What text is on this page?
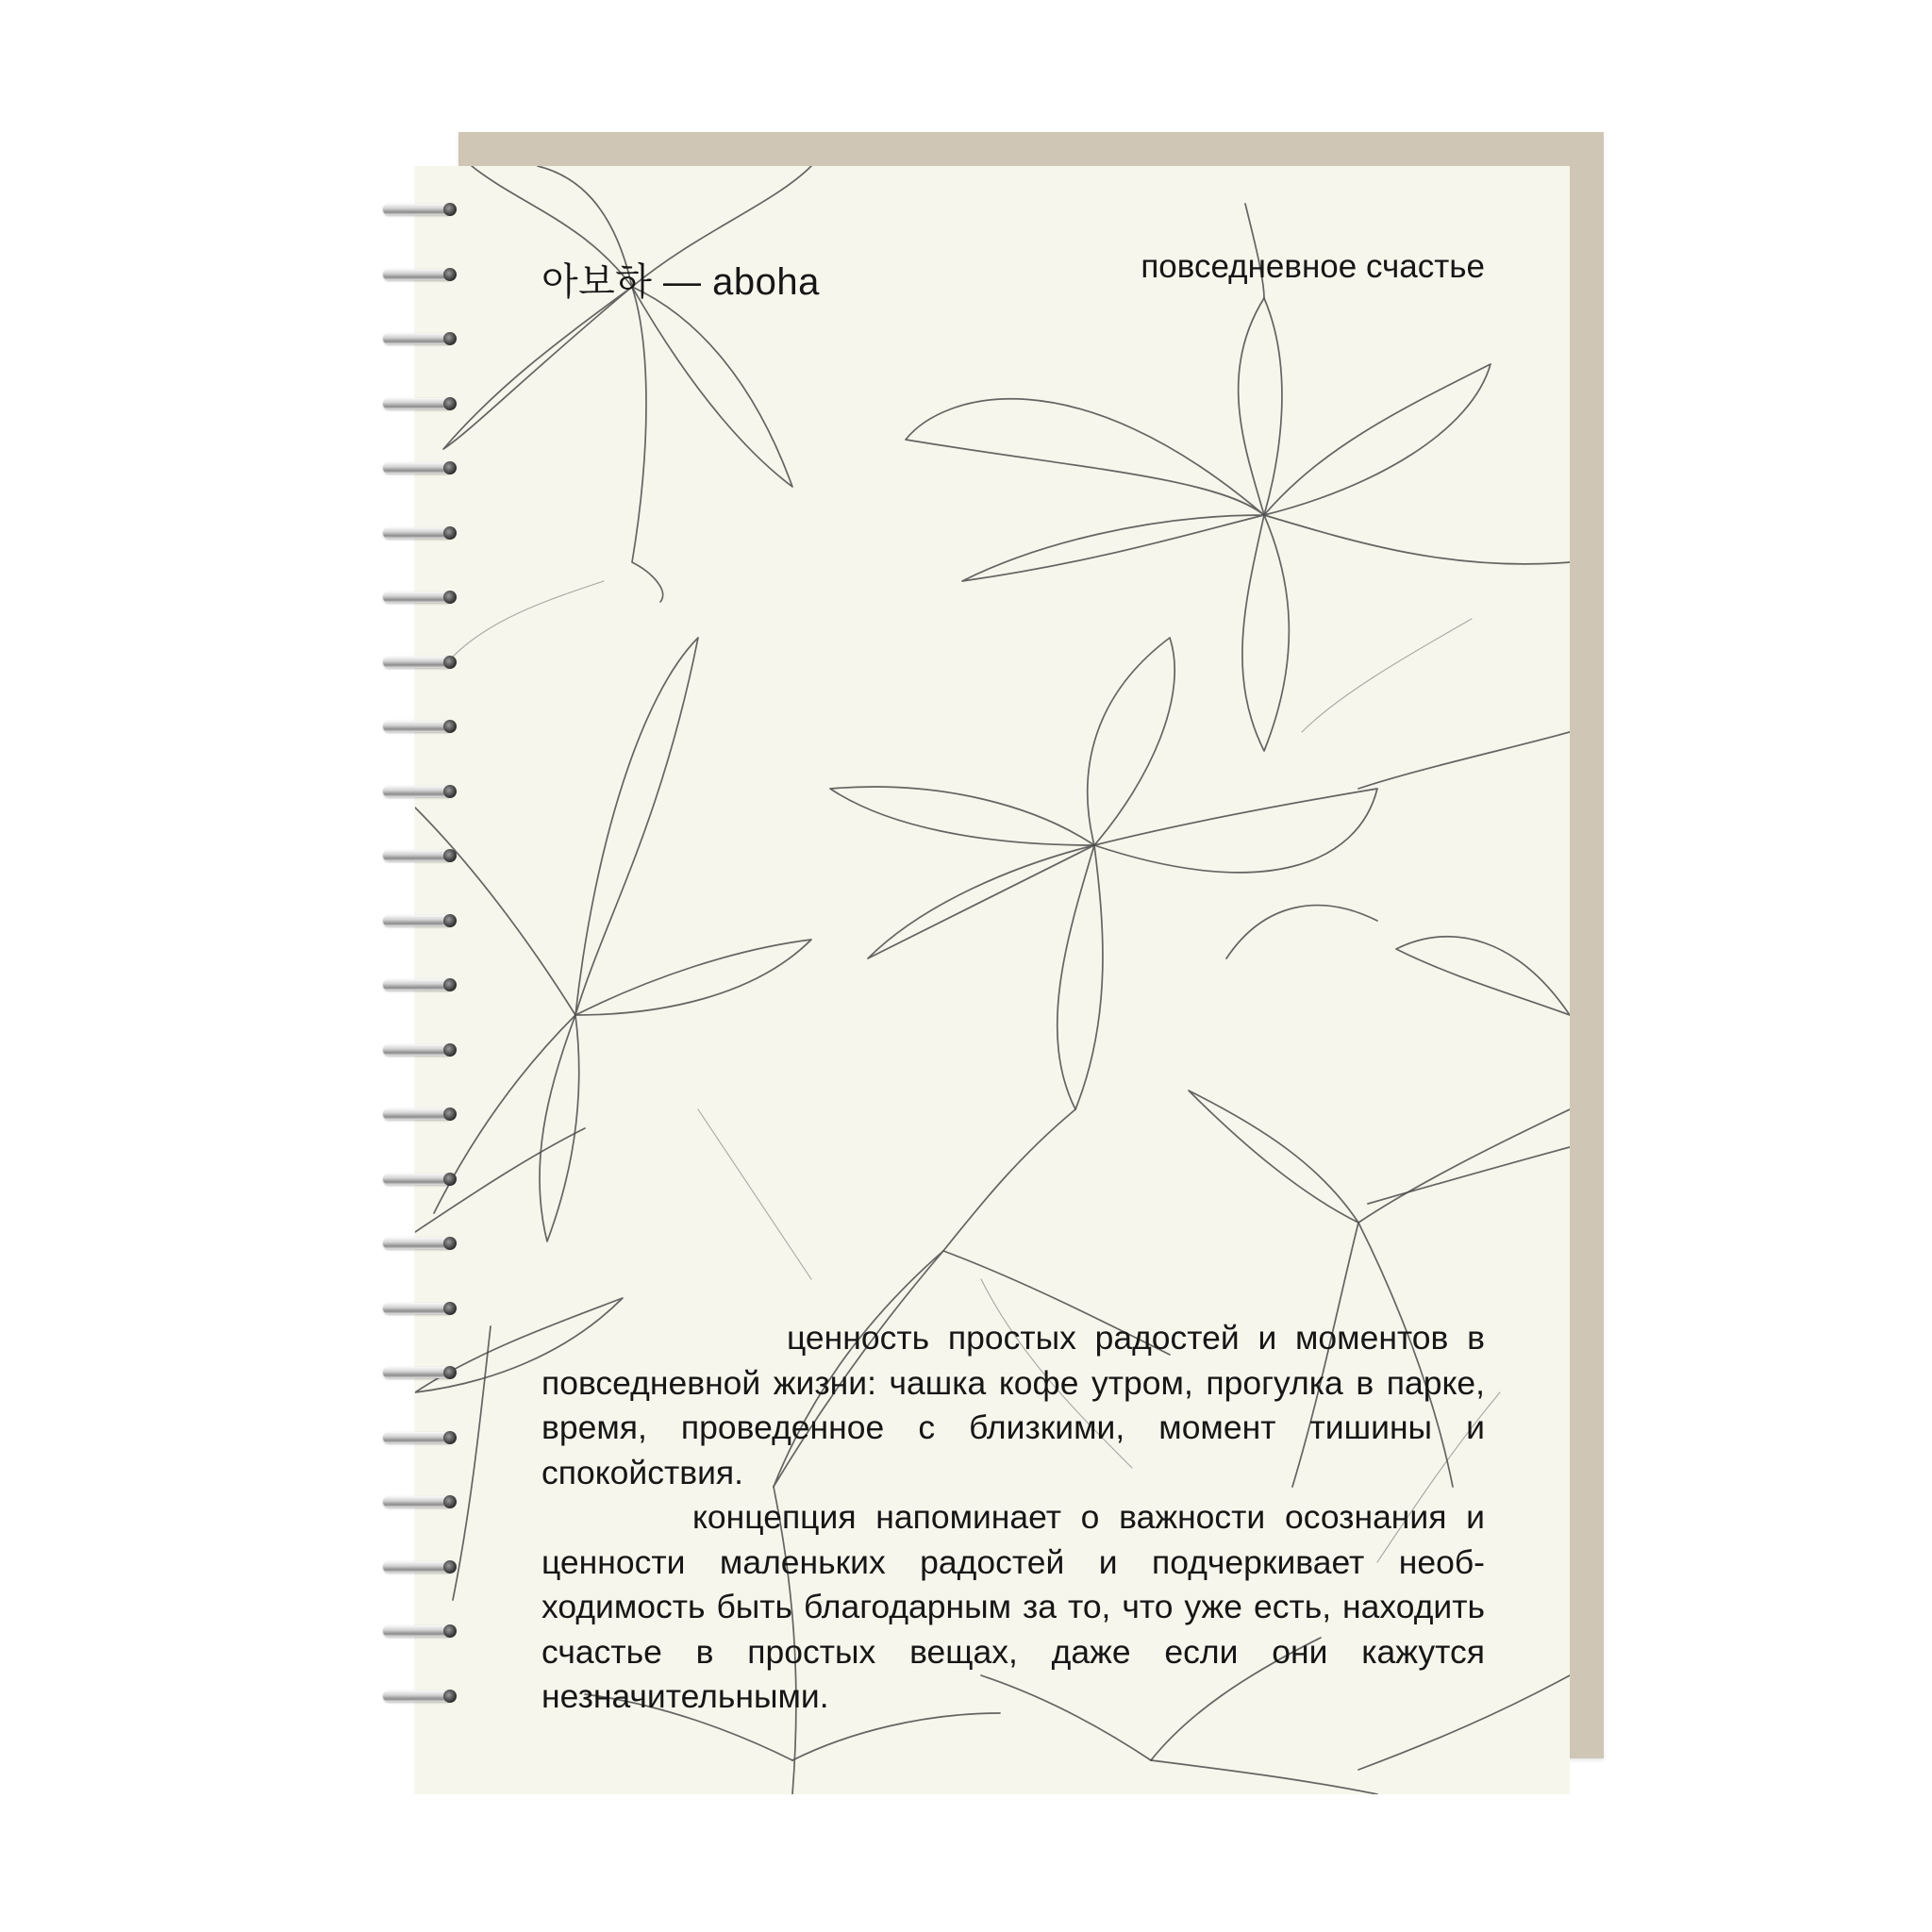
아보하 — aboha	повседневное счастье

ценность простых радостей и моментов в повседневной жизни: чашка кофе утром, прогулка в парке, время, проведенное с близкими, момент тишины и спокойствия.

концепция напоминает о важности осознания и ценности маленьких радостей и подчеркивает необходимость быть благодарным за то, что уже есть, находить счастье в простых вещах, даже если они кажутся незначительными.
